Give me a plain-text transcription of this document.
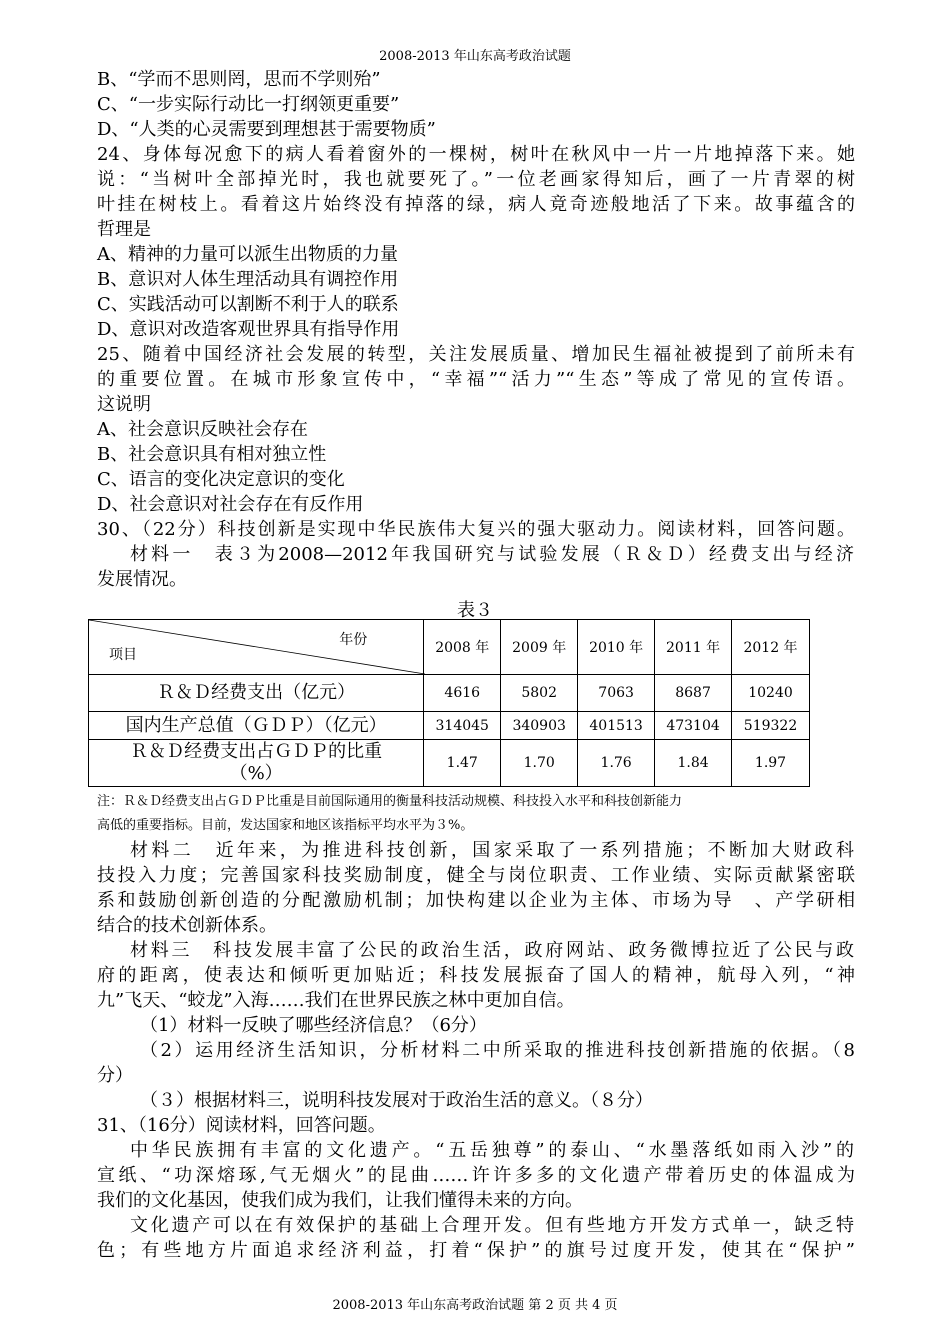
2008-2013 年山东高考政治试题
B、“学而不思则罔，思而不学则殆”
C、“一步实际行动比一打纲领更重要”
D、“人类的心灵需要到理想甚于需要物质”
24、身体每况愈下的病人看着窗外的一棵树，树叶在秋风中一片一片地掉落下来。她
说：“当树叶全部掉光时，我也就要死了。”一位老画家得知后，画了一片青翠的树
叶挂在树枝上。看着这片始终没有掉落的绿，病人竟奇迹般地活了下来。故事蕴含的
哲理是
A、精神的力量可以派生出物质的力量
B、意识对人体生理活动具有调控作用
C、实践活动可以割断不利于人的联系
D、意识对改造客观世界具有指导作用
25、随着中国经济社会发展的转型，关注发展质量、增加民生福祉被提到了前所未有
的重要位置。在城市形象宣传中，“幸福”“活力”“生态”等成了常见的宣传语。
这说明
A、社会意识反映社会存在
B、社会意识具有相对独立性
C、语言的变化决定意识的变化
D、社会意识对社会存在有反作用
30、（22分）科技创新是实现中华民族伟大复兴的强大驱动力。阅读材料，回答问题。
材料一　表３为2008—2012年我国研究与试验发展（Ｒ＆Ｄ）经费支出与经济
发展情况。
表３
年份
项目	2008 年	2009 年	2010 年	2011 年	2012 年
Ｒ＆Ｄ经费支出（亿元）	4616	5802	7063	8687	10240
国内生产总值（ＧＤＰ）（亿元）	314045	340903	401513	473104	519322

Ｒ＆Ｄ经费支出占ＧＤＰ的比重
（%）	1.47	1.70	1.76	1.84	1.97
注：Ｒ＆Ｄ经费支出占ＧＤＰ比重是目前国际通用的衡量科技活动规模、科技投入水平和科技创新能力
高低的重要指标。目前，发达国家和地区该指标平均水平为３%。
材料二　近年来，为推进科技创新，国家采取了一系列措施；不断加大财政科
技投入力度；完善国家科技奖励制度，健全与岗位职责、工作业绩、实际贡献紧密联
系和鼓励创新创造的分配激励机制；加快构建以企业为主体、市场为导　、产学研相
结合的技术创新体系。
材料三　科技发展丰富了公民的政治生活，政府网站、政务微博拉近了公民与政
府的距离，使表达和倾听更加贴近；科技发展振奋了国人的精神，航母入列，“神
九”飞天、“蛟龙”入海……我们在世界民族之林中更加自信。
（1）材料一反映了哪些经济信息？（6分）
（2）运用经济生活知识，分析材料二中所采取的推进科技创新措施的依据。（8
分）
（３）根据材料三，说明科技发展对于政治生活的意义。（８分）
31、（16分）阅读材料，回答问题。
中华民族拥有丰富的文化遗产。“五岳独尊”的泰山、“水墨落纸如雨入沙”的
宣纸、“功深熔琢,气无烟火”的昆曲……许许多多的文化遗产带着历史的体温成为
我们的文化基因，使我们成为我们，让我们懂得未来的方向。
文化遗产可以在有效保护的基础上合理开发。但有些地方开发方式单一，缺乏特
色；有些地方片面追求经济利益，打着“保护”的旗号过度开发，使其在“保护”
2008-2013 年山东高考政治试题 第 2 页 共 4 页
